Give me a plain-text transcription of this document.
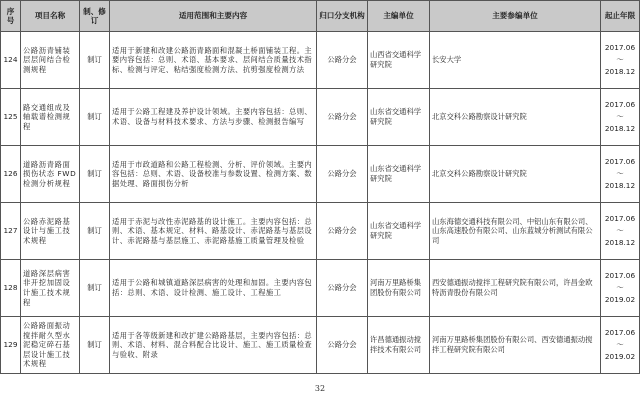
序号	项目名称	制、修订	适用范围和主要内容	归口分支机构	主编单位	主要参编单位	起止年限
124	公路沥青铺装层层间结合检测规程	制订	适用于新建和改建公路沥青路面和混凝土桥面铺装工程。主要内容包括：总则、术语、基本要求、层间结合质量技术指标、检测与评定、粘结强度检测方法、抗剪强度检测方法	公路分会	山西省交通科学研究院	长安大学	2017.06
～
2018.12

125	路交通组成及轴载谱检测规程	制订	适用于公路工程建及养护设计领域。主要内容包括：总则、术语、设备与材料技术要求、方法与步骤、检测报告编写	公路分会	山东省交通科学研究院	北京交科公路勘察设计研究院	2017.06
～
2018.12

126	道路沥青路面损伤状态 FWD 检测分析规程	制订	适用于市政道路和公路工程检测、分析、评价领域。主要内容包括：总则、术语、设备校准与参数设置、检测方案、数据处理、路面损伤分析	公路分会	山东省交通科学研究院	北京交科公路勘察设计研究院	2017.06
～
2018.12

127	公路赤泥路基设计与施工技术规程	制订	适用于赤泥与改性赤泥路基的设计施工。主要内容包括：总则、术语、基本规定、材料、路基设计、赤泥路基与基层设计、赤泥路基与基层施工、赤泥路基施工质量管理及检验	公路分会	山东省交通科学研究院	山东海德交通科技有限公司、中铝山东有限公司、山东高速股份有限公司、山东蓝城分析测试有限公司	2017.06
～
2018.12

128	道路深层病害非开挖加固设计施工技术规程	制订	适用于公路和城镇道路深层病害的处理和加固。主要内容包括：总则、术语、设计检测、施工设计、工程施工	公路分会	河南万里路桥集团股份有限公司	西安德通振动搅拌工程研究院有限公司，许昌金欧特沥青股份有限公司	2017.06
～
2019.02

129	公路路面振动搅拌耐久型水泥稳定碎石基层设计施工技术规程	制订	适用于各等级新建和改扩建公路路基层，主要内容包括：总则、术语、材料、混合料配合比设计、施工、施工质量检查与验收、附录	公路分会	许昌德通振动搅拌技术有限公司	河南万里路桥集团股份有限公司、西安德通振动搅拌工程研究院有限公司	2017.06
～
2019.02
32
